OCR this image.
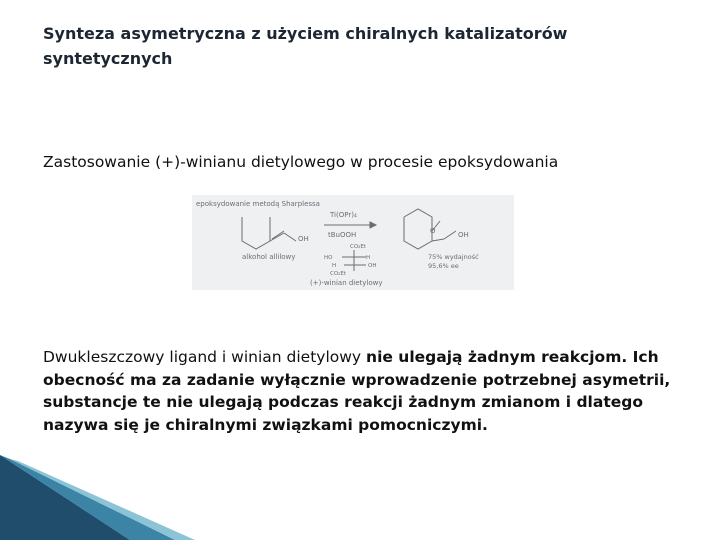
Synteza asymetryczna z użyciem chiralnych katalizatorów syntetycznych
Zastosowanie (+)-winianu dietylowego w procesie epoksydowania
epoksydowanie metodą Sharplessa
OH
alkohol allilowy
Ti(OPr)₄
tBuOOH
CO₂Et
HO	H
H	OH
CO₂Et
(+)-winian dietylowy
O	OH
75% wydajność
95,6% ee
Dwukleszczowy ligand i winian dietylowy nie ulegają żadnym reakcjom. Ich obecność ma za zadanie wyłącznie wprowadzenie potrzebnej asymetrii, substancje te nie ulegają podczas reakcji żadnym zmianom i dlatego nazywa się je chiralnymi związkami pomocniczymi.
